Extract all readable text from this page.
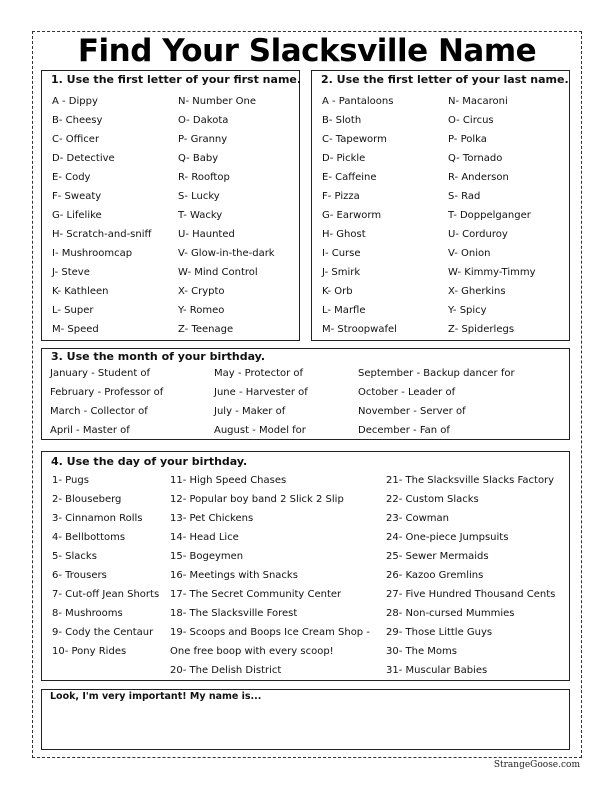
Find Your Slacksville Name
1. Use the first letter of your first name.
A - Dippy
B- Cheesy
C- Officer
D- Detective
E- Cody
F- Sweaty
G- Lifelike
H- Scratch-and-sniff
I- Mushroomcap
J- Steve
K- Kathleen
L- Super
M- Speed
N- Number One
O- Dakota
P- Granny
Q- Baby
R- Rooftop
S- Lucky
T- Wacky
U- Haunted
V- Glow-in-the-dark
W- Mind Control
X- Crypto
Y- Romeo
Z- Teenage
2. Use the first letter of your last name.
A - Pantaloons
B- Sloth
C- Tapeworm
D- Pickle
E- Caffeine
F- Pizza
G- Earworm
H- Ghost
I- Curse
J- Smirk
K- Orb
L- Marfle
M- Stroopwafel
N- Macaroni
O- Circus
P- Polka
Q- Tornado
R- Anderson
S- Rad
T- Doppelganger
U- Corduroy
V- Onion
W- Kimmy-Timmy
X- Gherkins
Y- Spicy
Z- Spiderlegs
3. Use the month of your birthday.
January - Student of
February - Professor of
March - Collector of
April - Master of
May - Protector of
June - Harvester of
July - Maker of
August - Model for
September - Backup dancer for
October - Leader of
November - Server of
December - Fan of
4. Use the day of your birthday.
1- Pugs
2- Blouseberg
3- Cinnamon Rolls
4- Bellbottoms
5- Slacks
6- Trousers
7- Cut-off Jean Shorts
8- Mushrooms
9- Cody the Centaur
10- Pony Rides
11- High Speed Chases
12- Popular boy band 2 Slick 2 Slip
13- Pet Chickens
14- Head Lice
15- Bogeymen
16- Meetings with Snacks
17- The Secret Community Center
18- The Slacksville Forest
19- Scoops and Boops Ice Cream Shop -
One free boop with every scoop!
20- The Delish District
21- The Slacksville Slacks Factory
22- Custom Slacks
23- Cowman
24- One-piece Jumpsuits
25- Sewer Mermaids
26- Kazoo Gremlins
27- Five Hundred Thousand Cents
28- Non-cursed Mummies
29- Those Little Guys
30- The Moms
31- Muscular Babies
Look, I'm very important! My name is...
StrangeGoose.com
